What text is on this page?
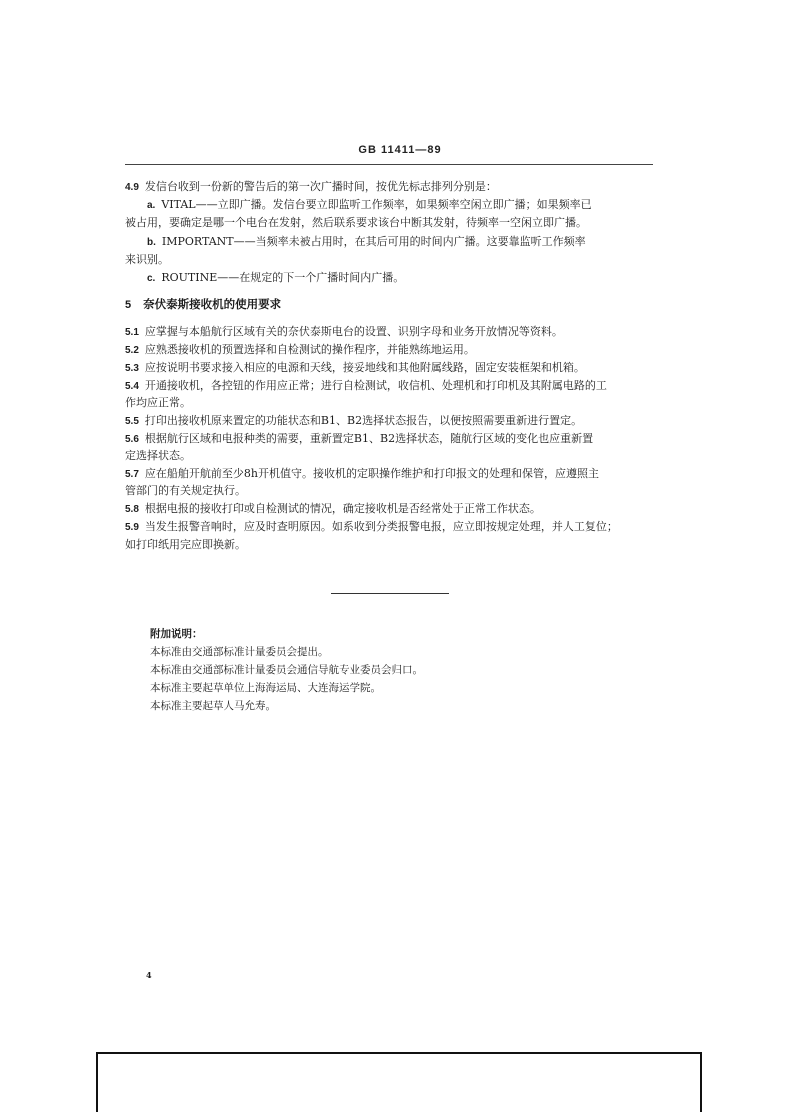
GB 11411—89
4.9 发信台收到一份新的警告后的第一次广播时间，按优先标志排列分别是：
a. VITAL——立即广播。发信台要立即监听工作频率，如果频率空闲立即广播；如果频率已
被占用，要确定是哪一个电台在发射，然后联系要求该台中断其发射，待频率一空闲立即广播。
b. IMPORTANT——当频率未被占用时，在其后可用的时间内广播。这要靠监听工作频率
来识别。
c. ROUTINE——在规定的下一个广播时间内广播。
5 奈伏泰斯接收机的使用要求
5.1 应掌握与本船航行区域有关的奈伏泰斯电台的设置、识别字母和业务开放情况等资料。
5.2 应熟悉接收机的预置选择和自检测试的操作程序，并能熟练地运用。
5.3 应按说明书要求接入相应的电源和天线，接妥地线和其他附属线路，固定安装框架和机箱。
5.4 开通接收机，各控钮的作用应正常；进行自检测试，收信机、处理机和打印机及其附属电路的工
作均应正常。
5.5 打印出接收机原来置定的功能状态和B1、B2选择状态报告，以便按照需要重新进行置定。
5.6 根据航行区域和电报种类的需要，重新置定B1、B2选择状态，随航行区域的变化也应重新置
定选择状态。
5.7 应在船舶开航前至少8h开机值守。接收机的定职操作维护和打印报文的处理和保管，应遵照主
管部门的有关规定执行。
5.8 根据电报的接收打印或自检测试的情况，确定接收机是否经常处于正常工作状态。
5.9 当发生报警音响时，应及时查明原因。如系收到分类报警电报，应立即按规定处理，并人工复位；
如打印纸用完应即换新。
附加说明：
本标准由交通部标准计量委员会提出。
本标准由交通部标准计量委员会通信导航专业委员会归口。
本标准主要起草单位上海海运局、大连海运学院。
本标准主要起草人马允寿。
4
